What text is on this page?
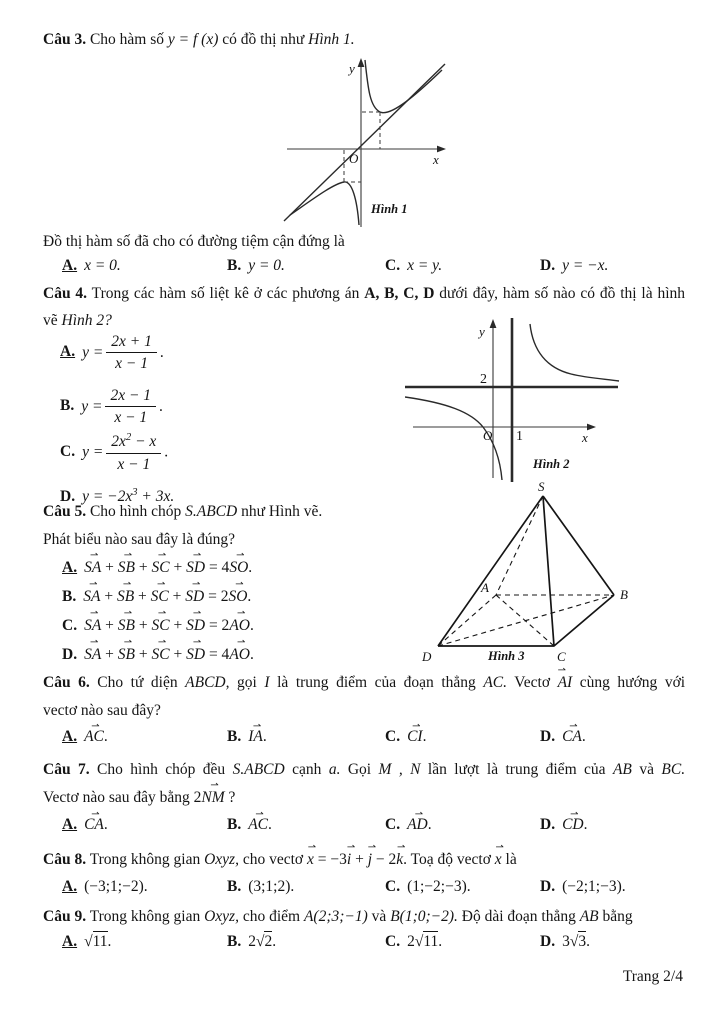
Câu 3. Cho hàm số y = f (x) có đồ thị như Hình 1.
y
x
O
Hình 1
Đồ thị hàm số đã cho có đường tiệm cận đứng là
A. x = 0.	B. y = 0.	C. x = y.	D. y = −x.
Câu 4. Trong các hàm số liệt kê ở các phương án A, B, C, D dưới đây, hàm số nào có đồ thị là hình
vẽ Hình 2?
A. $y = \frac{2x + 1}{x - 1}$ .
B. $y = \frac{2x - 1}{x - 1}$ .
C. $y = \frac{2x^2 - x}{x - 1}$ .
D. $y = -2x^3 + 3x$.
y
x
2
O 1
Hình 2
Câu 5. Cho hình chóp S.ABCD như Hình vẽ.
Phát biểu nào sau đây là đúng?
A. SA ⇀ + SB ⇀ + SC ⇀ + SD ⇀ = 4SO ⇀.
B. SA ⇀ + SB ⇀ + SC ⇀ + SD ⇀ = 2SO ⇀.
C. SA ⇀ + SB ⇀ + SC ⇀ + SD ⇀ = 2AO ⇀.
D. SA ⇀ + SB ⇀ + SC ⇀ + SD ⇀ = 4AO ⇀.
S
A	B
C
D	Hình 3
Câu 6. Cho tứ diện ABCD, gọi I là trung điểm của đoạn thẳng AC. Vectơ AI ⇀ cùng hướng với
vectơ nào sau đây?
A. AC ⇀.	B. IA ⇀.	C. CI ⇀.	D. CA ⇀.
Câu 7. Cho hình chóp đều S.ABCD cạnh a. Gọi M , N lần lượt là trung điểm của AB và BC.
Vectơ nào sau đây bằng 2NM ⇀ ?
A. CA ⇀.	B. AC ⇀.	C. AD ⇀.	D. CD ⇀.
Câu 8. Trong không gian Oxyz, cho vectơ x ⇀ = −3i ⇀ + j ⇀ − 2k ⇀. Toạ độ vectơ x ⇀ là
A. (−3;1;−2).	B. (3;1;2).	C. (1;−2;−3).	D. (−2;1;−3).
Câu 9. Trong không gian Oxyz, cho điểm A(2;3;−1) và B(1;0;−2). Độ dài đoạn thẳng AB bằng
A. √11.	B. 2√2.	C. 2√11.	D. 3√3.
Trang 2/4
